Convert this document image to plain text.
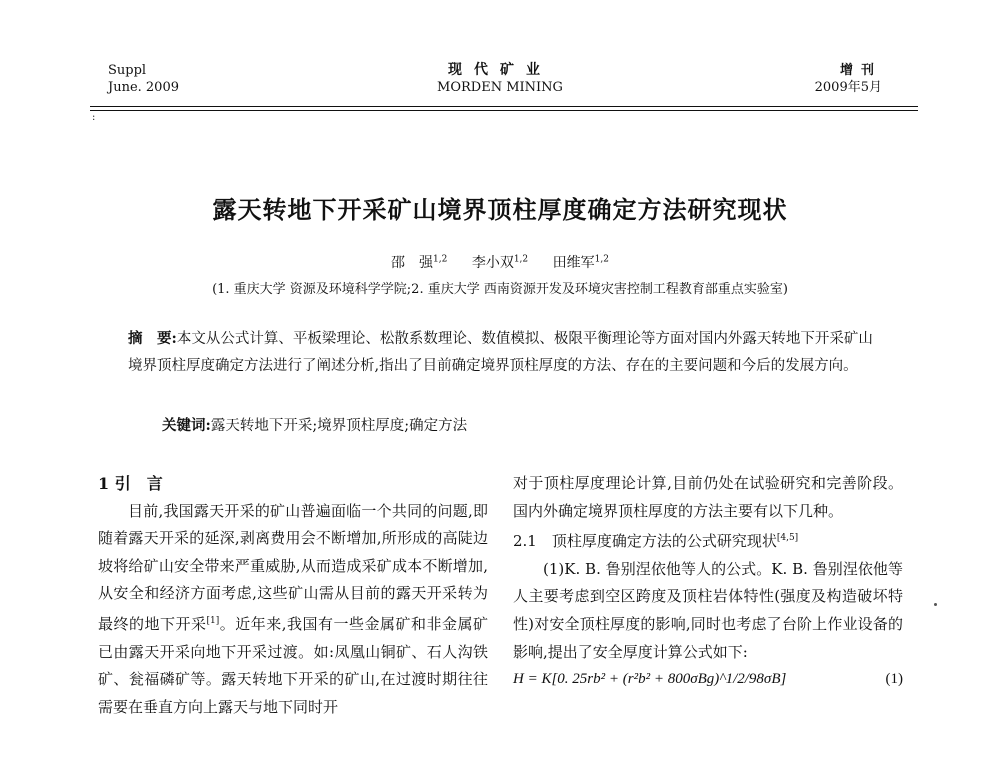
Suppl
June. 2009
现代矿业
MORDEN MINING
增刊
2009年5月
:
露天转地下开采矿山境界顶柱厚度确定方法研究现状
邵　强$^{1,2}$ 李小双$^{1,2}$ 田维军$^{1,2}$
(1. 重庆大学 资源及环境科学学院;2. 重庆大学 西南资源开发及环境灾害控制工程教育部重点实验室)
摘　要:本文从公式计算、平板梁理论、松散系数理论、数值模拟、极限平衡理论等方面对国内外露天转地下开采矿山境界顶柱厚度确定方法进行了阐述分析,指出了目前确定境界顶柱厚度的方法、存在的主要问题和今后的发展方向。
关键词:露天转地下开采;境界顶柱厚度;确定方法

1 引　言

目前,我国露天开采的矿山普遍面临一个共同的问题,即随着露天开采的延深,剥离费用会不断增加,所形成的高陡边坡将给矿山安全带来严重威胁,从而造成采矿成本不断增加,从安全和经济方面考虑,这些矿山需从目前的露天开采转为最终的地下开采[1]。近年来,我国有一些金属矿和非金属矿已由露天开采向地下开采过渡。如:凤凰山铜矿、石人沟铁矿、瓮福磷矿等。露天转地下开采的矿山,在过渡时期往往需要在垂直方向上露天与地下同时开

对于顶柱厚度理论计算,目前仍处在试验研究和完善阶段。国内外确定境界顶柱厚度的方法主要有以下几种。

2.1　顶柱厚度确定方法的公式研究现状[4,5]

(1)K. B. 鲁别涅依他等人的公式。K. B. 鲁别涅依他等人主要考虑到空区跨度及顶柱岩体特性(强度及构造破坏特性)对安全顶柱厚度的影响,同时也考虑了台阶上作业设备的影响,提出了安全厚度计算公式如下:

(1)
H = K[0. 25rb² + (r²b² + 800σBg)^1/2/98σB]
